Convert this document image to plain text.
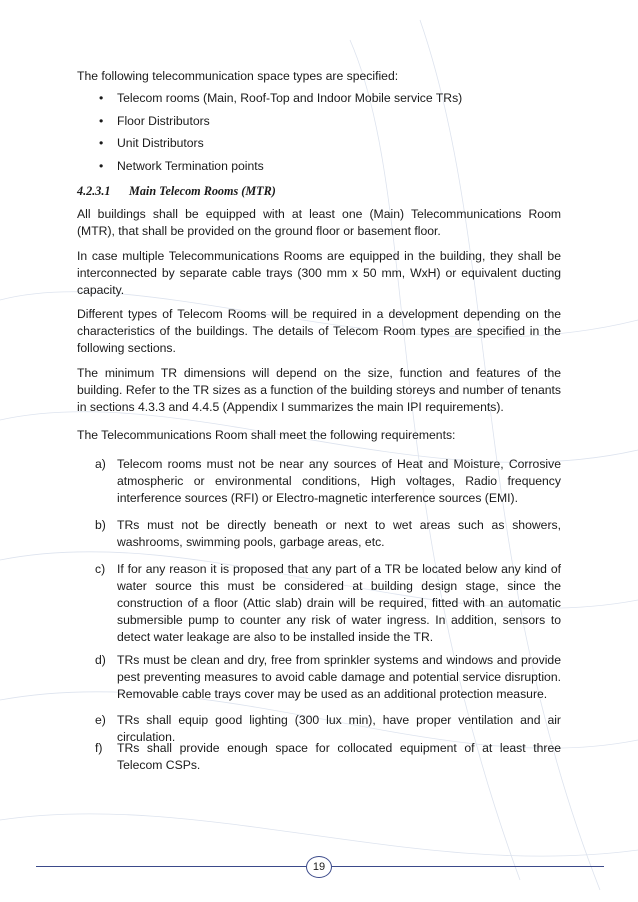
The following telecommunication space types are specified:

• Telecom rooms (Main, Roof-Top and Indoor Mobile service TRs)
• Floor Distributors
• Unit Distributors
• Network Termination points
4.2.3.1 Main Telecom Rooms (MTR)

All buildings shall be equipped with at least one (Main) Telecommunications Room (MTR), that shall be provided on the ground floor or basement floor.

In case multiple Telecommunications Rooms are equipped in the building, they shall be interconnected by separate cable trays (300 mm x 50 mm, WxH) or equivalent ducting capacity.

Different types of Telecom Rooms will be required in a development depending on the characteristics of the buildings. The details of Telecom Room types are specified in the following sections.

The minimum TR dimensions will depend on the size, function and features of the building. Refer to the TR sizes as a function of the building storeys and number of tenants in sections 4.3.3 and 4.4.5 (Appendix I summarizes the main IPI requirements).

The Telecommunications Room shall meet the following requirements:

a) Telecom rooms must not be near any sources of Heat and Moisture, Corrosive atmospheric or environmental conditions, High voltages, Radio frequency interference sources (RFI) or Electro-magnetic interference sources (EMI).
b) TRs must not be directly beneath or next to wet areas such as showers, washrooms, swimming pools, garbage areas, etc.
c) If for any reason it is proposed that any part of a TR be located below any kind of water source this must be considered at building design stage, since the construction of a floor (Attic slab) drain will be required, fitted with an automatic submersible pump to counter any risk of water ingress. In addition, sensors to detect water leakage are also to be installed inside the TR.
d) TRs must be clean and dry, free from sprinkler systems and windows and provide pest preventing measures to avoid cable damage and potential service disruption. Removable cable trays cover may be used as an additional protection measure.
e) TRs shall equip good lighting (300 lux min), have proper ventilation and air circulation.
f) TRs shall provide enough space for collocated equipment of at least three Telecom CSPs.
19
